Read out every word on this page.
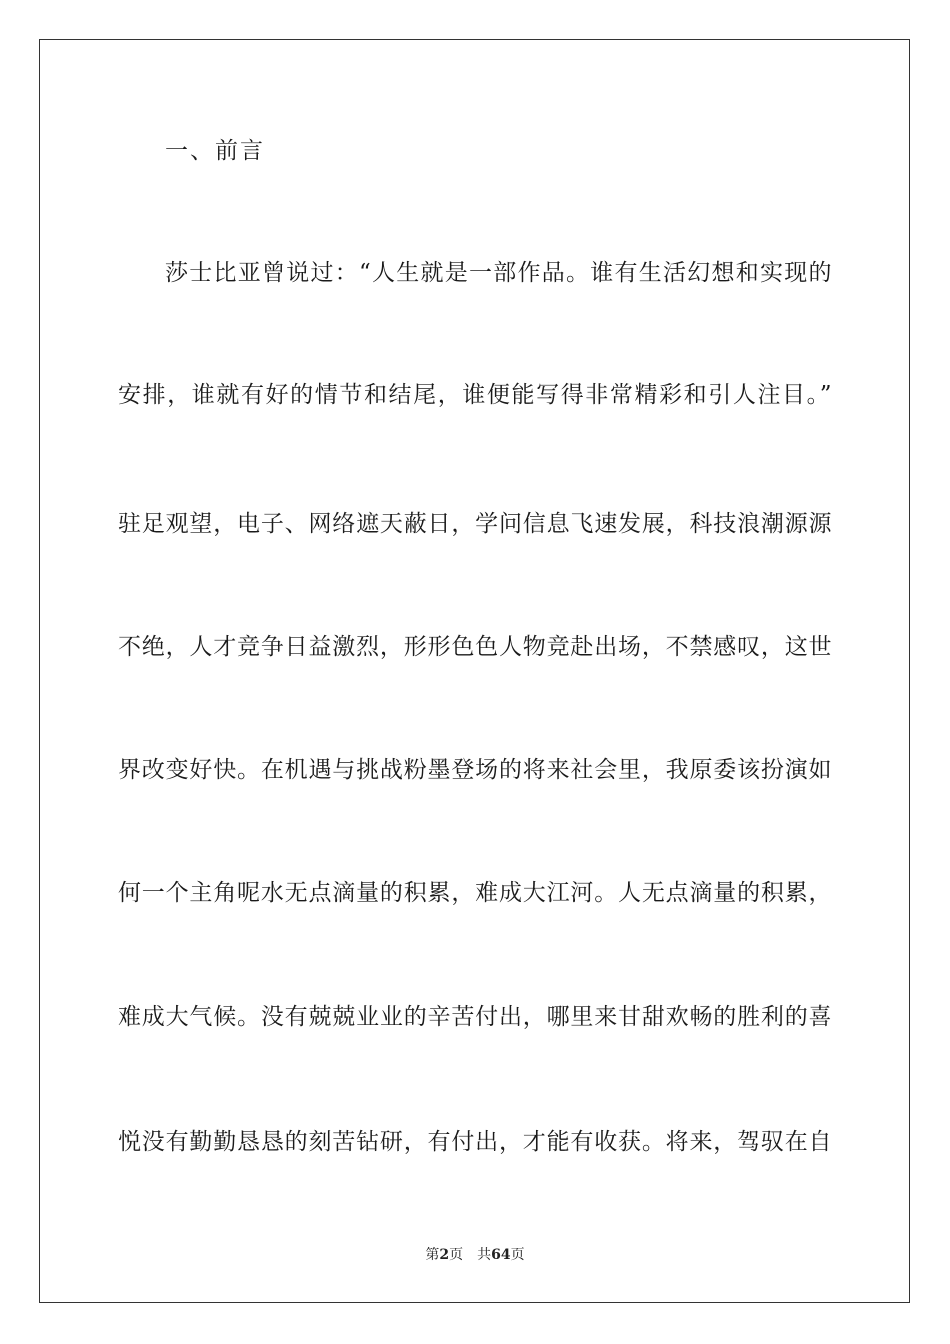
一、前言
莎士比亚曾说过：“人生就是一部作品。谁有生活幻想和实现的
安排，谁就有好的情节和结尾，谁便能写得非常精彩和引人注目。”
驻足观望，电子、网络遮天蔽日，学问信息飞速发展，科技浪潮源源
不绝，人才竞争日益激烈，形形色色人物竞赴出场，不禁感叹，这世
界改变好快。在机遇与挑战粉墨登场的将来社会里，我原委该扮演如
何一个主角呢水无点滴量的积累，难成大江河。人无点滴量的积累，
难成大气候。没有兢兢业业的辛苦付出，哪里来甘甜欢畅的胜利的喜
悦没有勤勤恳恳的刻苦钻研，有付出，才能有收获。将来，驾驭在自
第2页 共64页
